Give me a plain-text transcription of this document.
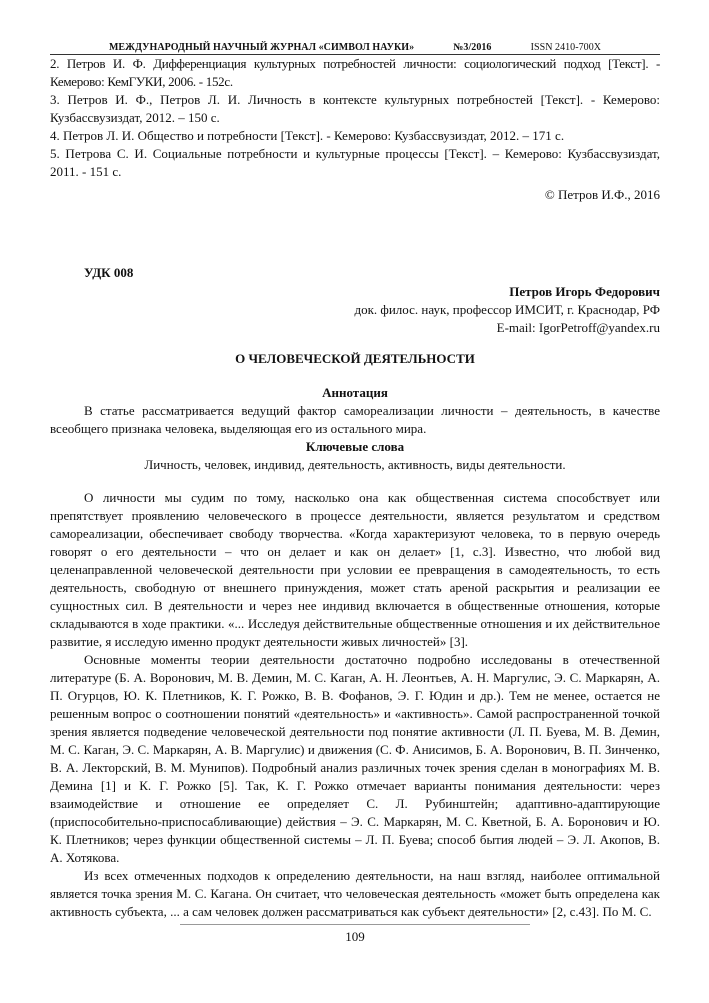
МЕЖДУНАРОДНЫЙ НАУЧНЫЙ ЖУРНАЛ «СИМВОЛ НАУКИ»	№3/2016	ISSN 2410-700X

2. Петров И. Ф. Дифференциация культурных потребностей личности: социологический подход [Текст]. - Кемерово: КемГУКИ, 2006. - 152с.

3. Петров И. Ф., Петров Л. И. Личность в контексте культурных потребностей [Текст]. - Кемерово: Кузбассвузиздат, 2012. – 150 с.

4. Петров Л. И. Общество и потребности [Текст]. - Кемерово: Кузбассвузиздат, 2012. – 171 с.

5. Петрова С. И. Социальные потребности и культурные процессы [Текст]. – Кемерово: Кузбассвузиздат, 2011. - 151 с.

© Петров И.Ф., 2016
УДК 008
Петров Игорь Федорович
док. филос. наук, профессор ИМСИТ, г. Краснодар, РФ
E-mail: IgorPetroff@yandex.ru
О ЧЕЛОВЕЧЕСКОЙ ДЕЯТЕЛЬНОСТИ
Аннотация

В статье рассматривается ведущий фактор самореализации личности – деятельность, в качестве всеобщего признака человека, выделяющая его из остального мира.

Ключевые слова
Личность, человек, индивид, деятельность, активность, виды деятельности.

О личности мы судим по тому, насколько она как общественная система способствует или препятствует проявлению человеческого в процессе деятельности, является результатом и средством самореализации, обеспечивает свободу творчества. «Когда характеризуют человека, то в первую очередь говорят о его деятельности – что он делает и как он делает» [1, с.3]. Известно, что любой вид целенаправленной человеческой деятельности при условии ее превращения в самодеятельность, то есть деятельность, свободную от внешнего принуждения, может стать ареной раскрытия и реализации ее сущностных сил. В деятельности и через нее индивид включается в общественные отношения, которые складываются в ходе практики. «... Исследуя действительные общественные отношения и их действительное развитие, я исследую именно продукт деятельности живых личностей» [3].

Основные моменты теории деятельности достаточно подробно исследованы в отечественной литературе (Б. А. Воронович, М. В. Демин, М. С. Каган, А. Н. Леонтьев, А. Н. Маргулис, Э. С. Маркарян, А. П. Огурцов, Ю. К. Плетников, К. Г. Рожко, В. В. Фофанов, Э. Г. Юдин и др.). Тем не менее, остается не решенным вопрос о соотношении понятий «деятельность» и «активность». Самой распространенной точкой зрения является подведение человеческой деятельности под понятие активности (Л. П. Буева, М. В. Демин, М. С. Каган, Э. С. Маркарян, А. В. Маргулис) и движения (С. Ф. Анисимов, Б. А. Воронович, В. П. Зинченко, В. А. Лекторский, В. М. Мунипов). Подробный анализ различных точек зрения сделан в монографиях М. В. Демина [1] и К. Г. Рожко [5]. Так, К. Г. Рожко отмечает варианты понимания деятельности: через взаимодействие и отношение ее определяет С. Л. Рубинштейн; адаптивно-адаптирующие (приспособительно-приспосабливающие) действия – Э. С. Маркарян, М. С. Кветной, Б. А. Боронович и Ю. К. Плетников; через функции общественной системы – Л. П. Буева; способ бытия людей – Э. Л. Акопов, В. А. Хотякова.

Из всех отмеченных подходов к определению деятельности, на наш взгляд, наиболее оптимальной является точка зрения М. С. Кагана. Он считает, что человеческая деятельность «может быть определена как активность субъекта, ... а сам человек должен рассматриваться как субъект деятельности» [2, с.43]. По М. С.

109
